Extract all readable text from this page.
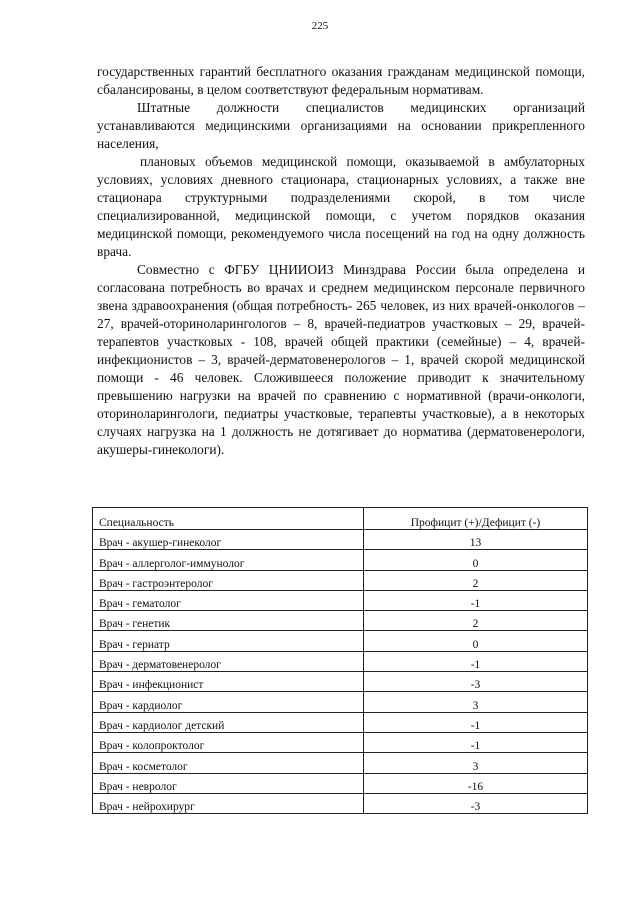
225

государственных гарантий бесплатного оказания гражданам медицинской помощи, сбалансированы, в целом соответствуют федеральным нормативам.

Штатные должности специалистов медицинских организаций устанавливаются медицинскими организациями на основании прикрепленного населения,

плановых объемов медицинской помощи, оказываемой в амбулаторных условиях, условиях дневного стационара, стационарных условиях, а также вне стационара структурными подразделениями скорой, в том числе специализированной, медицинской помощи, с учетом порядков оказания медицинской помощи, рекомендуемого числа посещений на год на одну должность врача.

Совместно с ФГБУ ЦНИИОИЗ Минздрава России была определена и согласована потребность во врачах и среднем медицинском персонале первичного звена здравоохранения (общая потребность- 265 человек, из них врачей-онкологов – 27, врачей-оториноларингологов – 8, врачей-педиатров участковых – 29, врачей-терапевтов участковых - 108, врачей общей практики (семейные) – 4, врачей-инфекционистов – 3, врачей-дерматовенерологов – 1, врачей скорой медицинской помощи - 46 человек. Сложившееся положение приводит к значительному превышению нагрузки на врачей по сравнению с нормативной (врачи-онкологи, оториноларингологи, педиатры участковые, терапевты участковые), а в некоторых случаях нагрузка на 1 должность не дотягивает до норматива (дерматовенерологи, акушеры-гинекологи).

Специальность	Профицит (+)/Дефицит (-)
Врач - акушер-гинеколог	13
Врач - аллерголог-иммунолог	0
Врач - гастроэнтеролог	2
Врач - гематолог	-1
Врач - генетик	2
Врач - гериатр	0
Врач - дерматовенеролог	-1
Врач - инфекционист	-3
Врач - кардиолог	3
Врач - кардиолог детский	-1
Врач - колопроктолог	-1
Врач - косметолог	3
Врач - невролог	-16
Врач - нейрохирург	-3
